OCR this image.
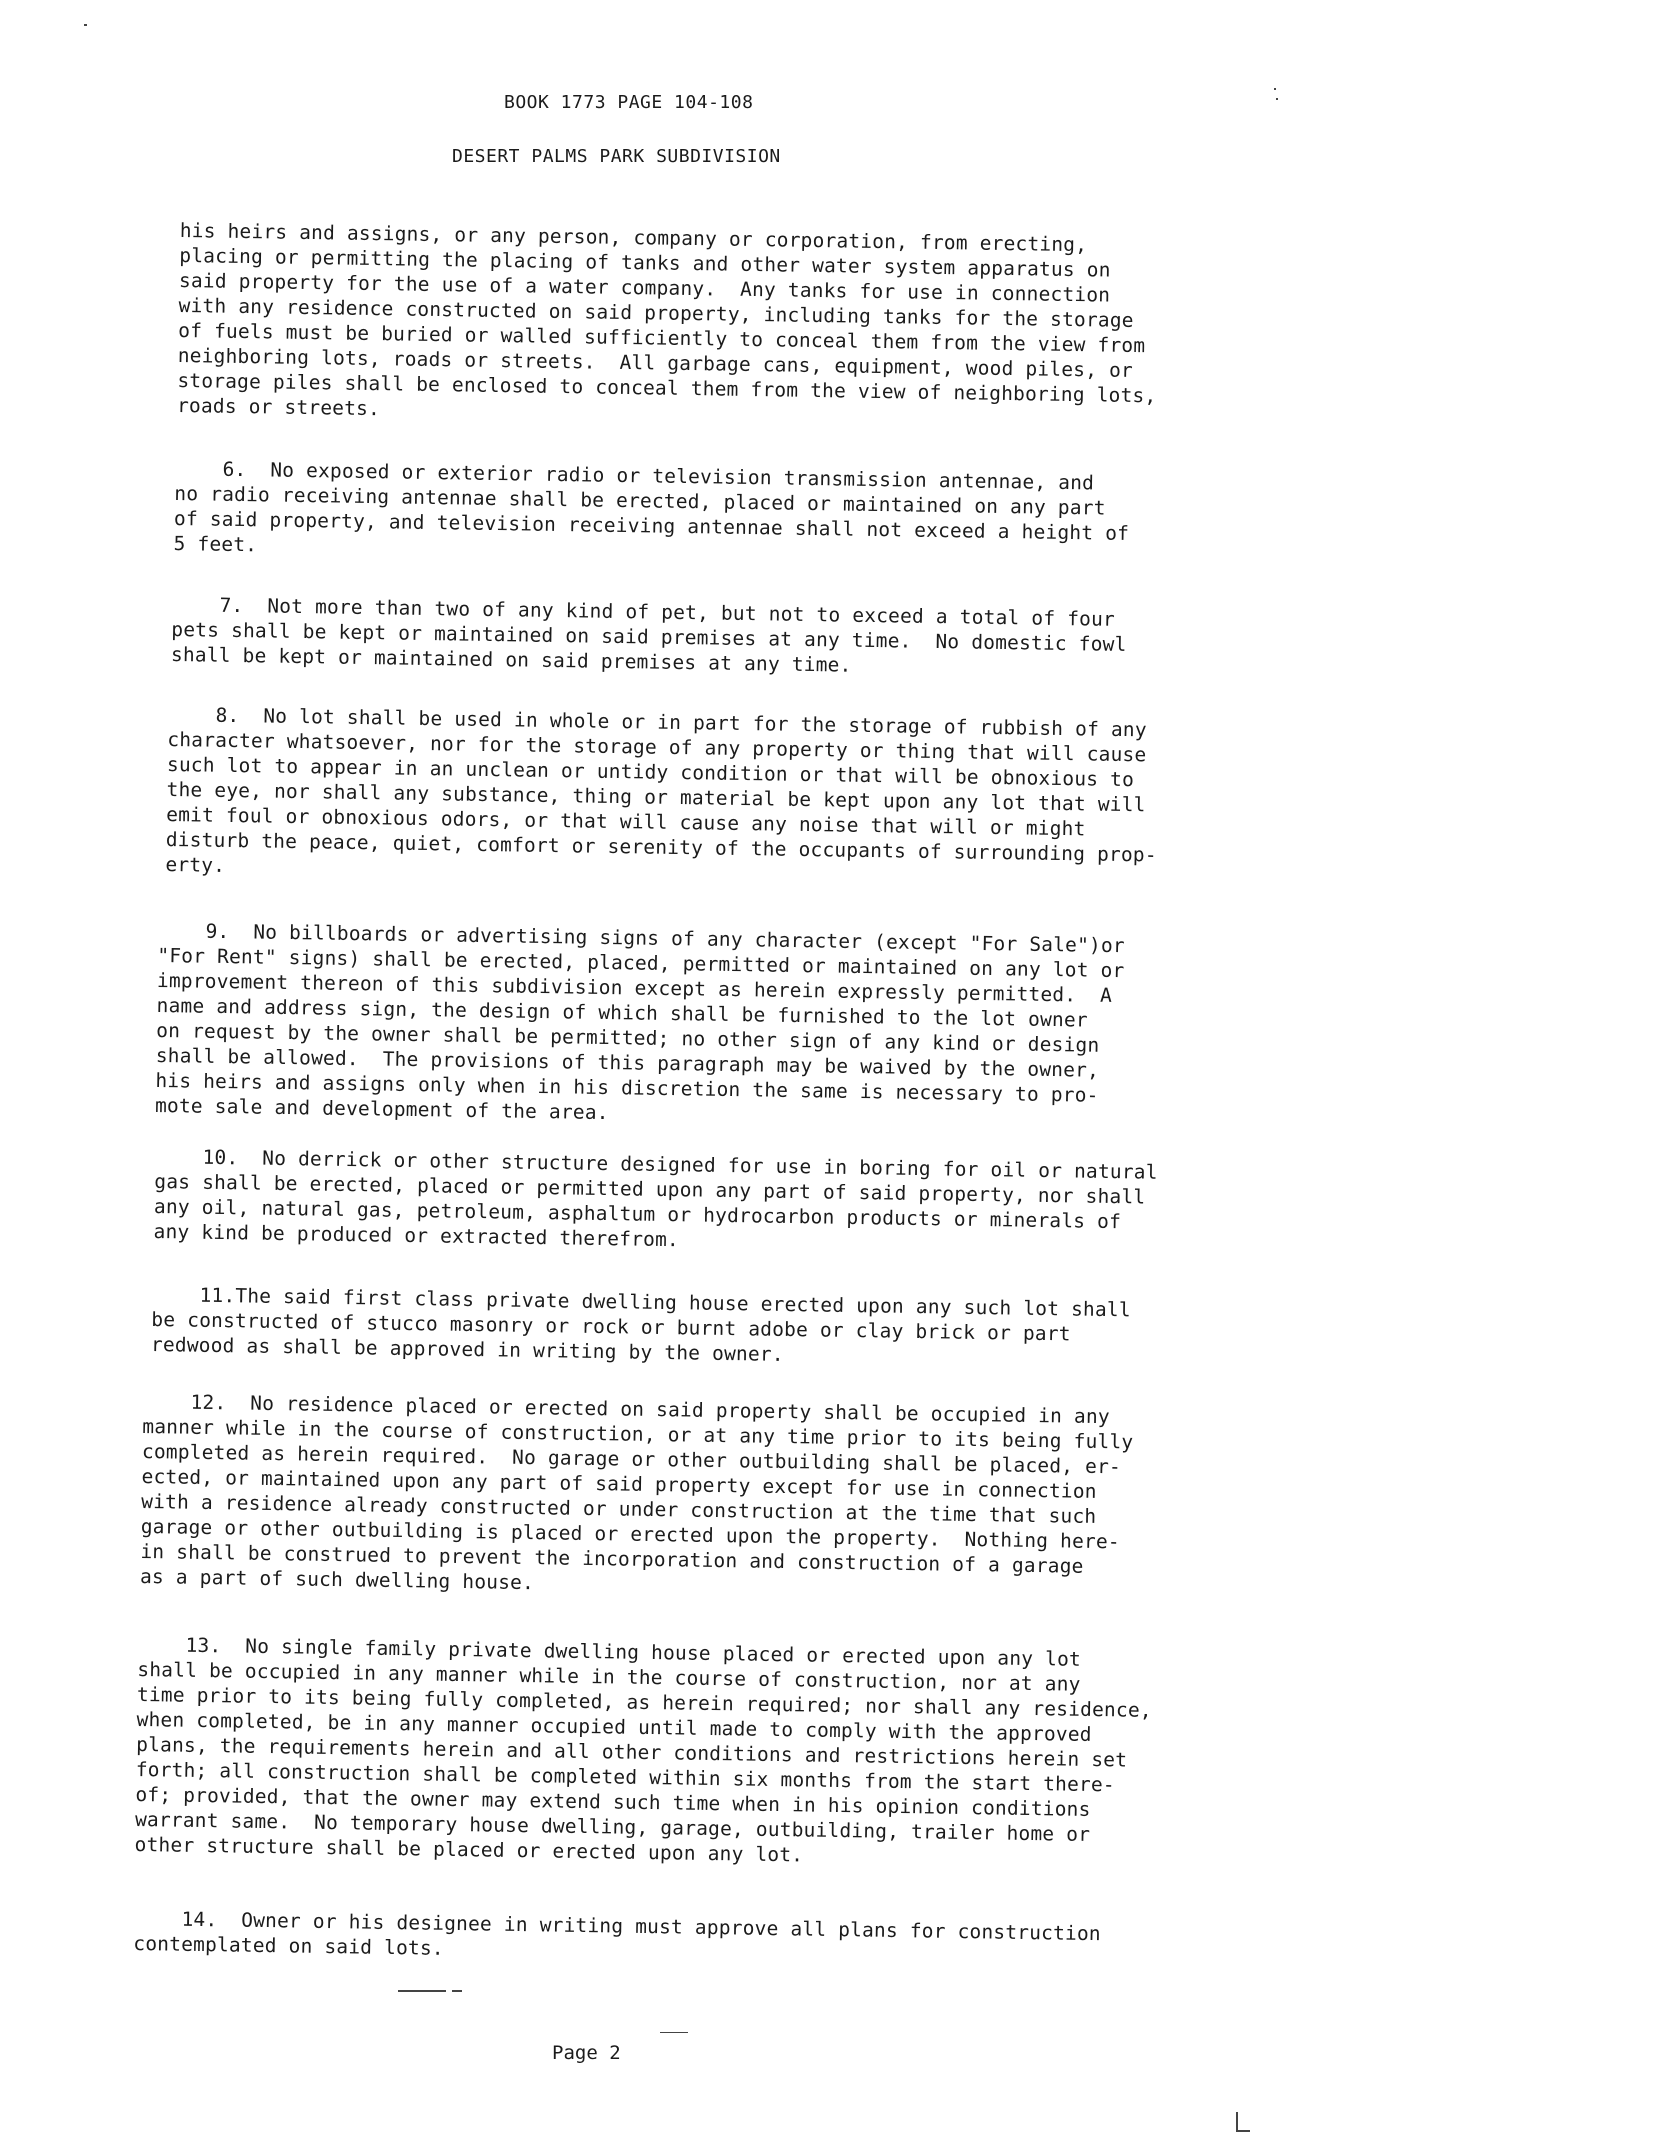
BOOK 1773 PAGE 104-108
DESERT PALMS PARK SUBDIVISION
his heirs and assigns, or any person, company or corporation, from erecting,
placing or permitting the placing of tanks and other water system apparatus on
said property for the use of a water company.  Any tanks for use in connection
with any residence constructed on said property, including tanks for the storage
of fuels must be buried or walled sufficiently to conceal them from the view from
neighboring lots, roads or streets.  All garbage cans, equipment, wood piles, or
storage piles shall be enclosed to conceal them from the view of neighboring lots,
roads or streets.
6.  No exposed or exterior radio or television transmission antennae, and
no radio receiving antennae shall be erected, placed or maintained on any part
of said property, and television receiving antennae shall not exceed a height of
5 feet.
7.  Not more than two of any kind of pet, but not to exceed a total of four
pets shall be kept or maintained on said premises at any time.  No domestic fowl
shall be kept or maintained on said premises at any time.
8.  No lot shall be used in whole or in part for the storage of rubbish of any
character whatsoever, nor for the storage of any property or thing that will cause
such lot to appear in an unclean or untidy condition or that will be obnoxious to
the eye, nor shall any substance, thing or material be kept upon any lot that will
emit foul or obnoxious odors, or that will cause any noise that will or might
disturb the peace, quiet, comfort or serenity of the occupants of surrounding prop-
erty.
9.  No billboards or advertising signs of any character (except "For Sale")or
"For Rent" signs) shall be erected, placed, permitted or maintained on any lot or
improvement thereon of this subdivision except as herein expressly permitted.  A
name and address sign, the design of which shall be furnished to the lot owner
on request by the owner shall be permitted; no other sign of any kind or design
shall be allowed.  The provisions of this paragraph may be waived by the owner,
his heirs and assigns only when in his discretion the same is necessary to pro-
mote sale and development of the area.
10.  No derrick or other structure designed for use in boring for oil or natural
gas shall be erected, placed or permitted upon any part of said property, nor shall
any oil, natural gas, petroleum, asphaltum or hydrocarbon products or minerals of
any kind be produced or extracted therefrom.
11.The said first class private dwelling house erected upon any such lot shall
be constructed of stucco masonry or rock or burnt adobe or clay brick or part
redwood as shall be approved in writing by the owner.
12.  No residence placed or erected on said property shall be occupied in any
manner while in the course of construction, or at any time prior to its being fully
completed as herein required.  No garage or other outbuilding shall be placed, er-
ected, or maintained upon any part of said property except for use in connection
with a residence already constructed or under construction at the time that such
garage or other outbuilding is placed or erected upon the property.  Nothing here-
in shall be construed to prevent the incorporation and construction of a garage
as a part of such dwelling house.
13.  No single family private dwelling house placed or erected upon any lot
shall be occupied in any manner while in the course of construction, nor at any
time prior to its being fully completed, as herein required; nor shall any residence,
when completed, be in any manner occupied until made to comply with the approved
plans, the requirements herein and all other conditions and restrictions herein set
forth; all construction shall be completed within six months from the start there-
of; provided, that the owner may extend such time when in his opinion conditions
warrant same.  No temporary house dwelling, garage, outbuilding, trailer home or
other structure shall be placed or erected upon any lot.
14.  Owner or his designee in writing must approve all plans for construction
contemplated on said lots.
Page 2
